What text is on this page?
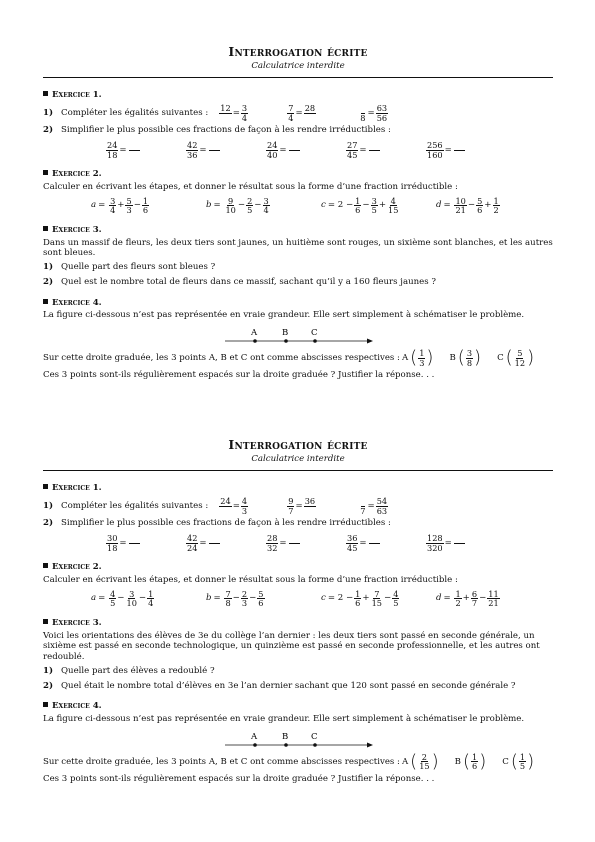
Interrogation écrite
Calculatrice interdite
Exercice 1.
1) Compléter les égalités suivantes : 12
= $\frac{3}{4}$	$\frac{7}{4} = 28$

$8 = \frac{63}{56}$
2) Simplifier le plus possible ces fractions de façon à les rendre irréductibles :
$\frac{24}{18}$ =	$\frac{42}{36}$ =	$\frac{24}{40}$ =	$\frac{27}{45}$ =	$\frac{256}{160}$ =
Exercice 2.
Calculer en écrivant les étapes, et donner le résultat sous la forme d’une fraction irréductible :
$a = \frac{3}{4} + \frac{5}{3} - \frac{1}{6}$	$b = \frac{9}{10} - \frac{2}{5} - \frac{3}{4}$	$c = 2 - \frac{1}{6} - \frac{3}{5} + \frac{4}{15}$	$d = \frac{10}{21} - \frac{5}{6} + \frac{1}{2}$
Exercice 3.
Dans un massif de fleurs, les deux tiers sont jaunes, un huitième sont rouges, un sixième sont blanches, et les autres sont bleues.
1) Quelle part des fleurs sont bleues ?
2) Quel est le nombre total de fleurs dans ce massif, sachant qu’il y a 160 fleurs jaunes ?
Exercice 4.
La figure ci-dessous n’est pas représentée en vraie grandeur. Elle sert simplement à schématiser le problème.
A	B	C
Sur cette droite graduée, les 3 points A, B et C ont comme abscisses respectives : A ( $\frac{1}{3}$ ) B ( $\frac{3}{8}$ ) C ( $\frac{5}{12}$ )
Ces 3 points sont-ils régulièrement espacés sur la droite graduée ? Justifier la réponse. . .
Interrogation écrite
Calculatrice interdite
Exercice 1.
1) Compléter les égalités suivantes : 24
= $\frac{4}{3}$	$\frac{9}{7} = 36$

$7 = \frac{54}{63}$
2) Simplifier le plus possible ces fractions de façon à les rendre irréductibles :
$\frac{30}{18}$ =	$\frac{42}{24}$ =	$\frac{28}{32}$ =	$\frac{36}{45}$ =	$\frac{128}{320}$ =
Exercice 2.
Calculer en écrivant les étapes, et donner le résultat sous la forme d’une fraction irréductible :
$a = \frac{4}{5} - \frac{3}{10} - \frac{1}{4}$	$b = \frac{7}{8} - \frac{2}{3} - \frac{5}{6}$	$c = 2 - \frac{1}{6} + \frac{7}{15} - \frac{4}{5}$	$d = \frac{1}{2} + \frac{6}{7} - \frac{11}{21}$
Exercice 3.
Voici les orientations des élèves de 3e du collège l’an dernier : les deux tiers sont passé en seconde générale, un sixième est passé en seconde technologique, un quinzième est passé en seconde professionnelle, et les autres ont redoublé.
1) Quelle part des élèves a redoublé ?
2) Quel était le nombre total d’élèves en 3e l’an dernier sachant que 120 sont passé en seconde générale ?
Exercice 4.
La figure ci-dessous n’est pas représentée en vraie grandeur. Elle sert simplement à schématiser le problème.
A	B	C
Sur cette droite graduée, les 3 points A, B et C ont comme abscisses respectives : A ( $\frac{2}{15}$ ) B ( $\frac{1}{6}$ ) C ( $\frac{1}{5}$ )
Ces 3 points sont-ils régulièrement espacés sur la droite graduée ? Justifier la réponse. . .
